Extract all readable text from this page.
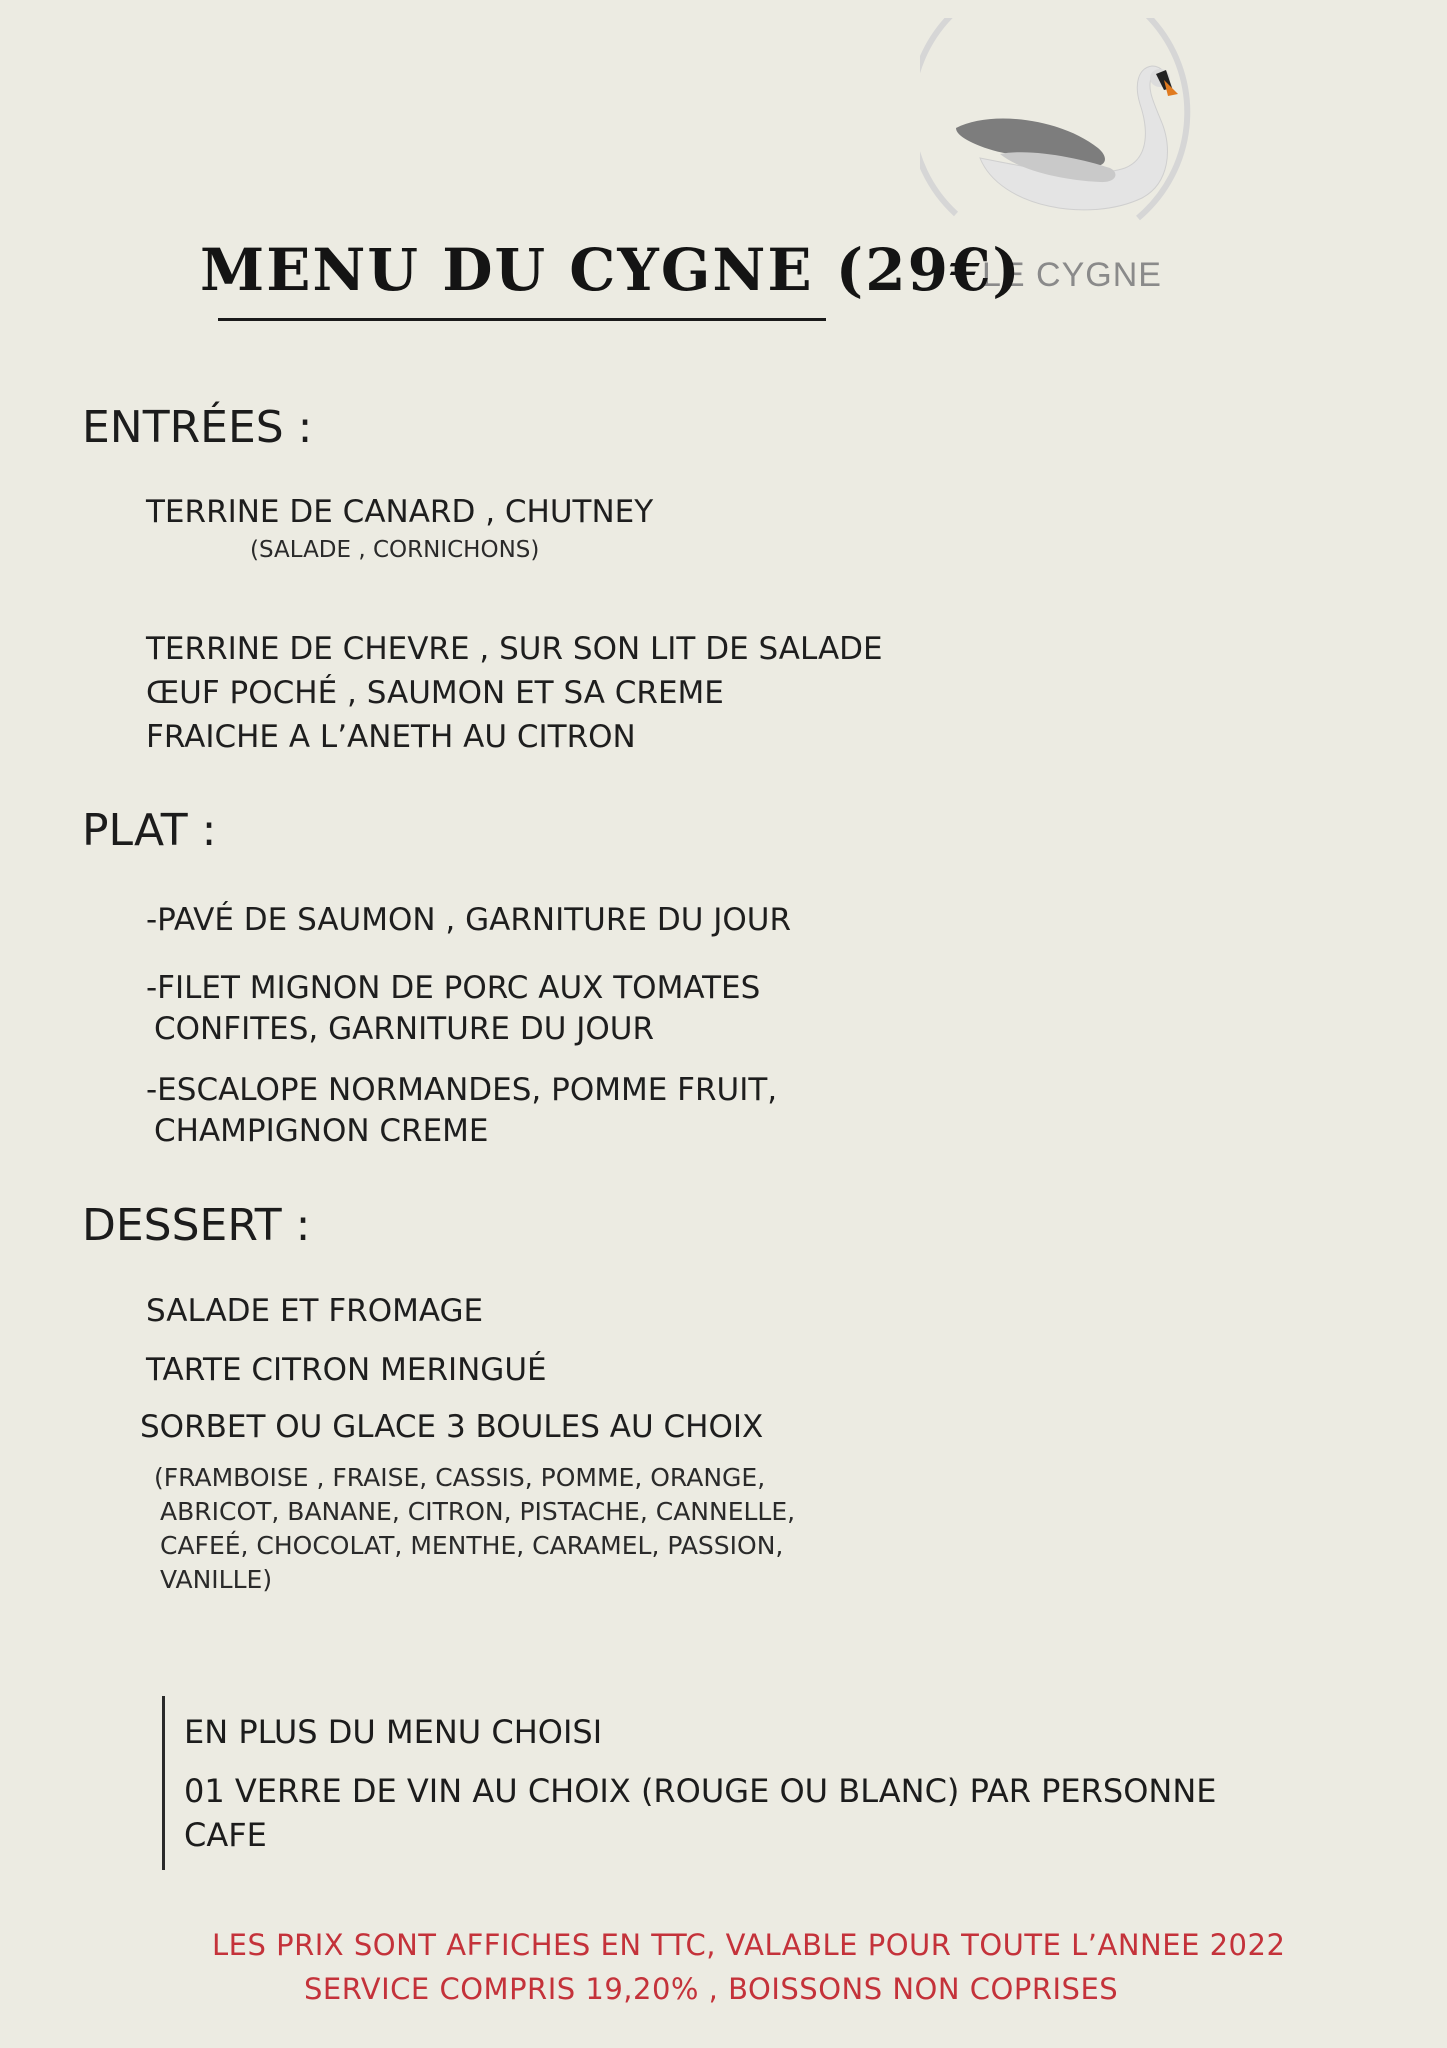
LE CYGNE
MENU DU CYGNE (29€)
ENTRÉES :
TERRINE DE CANARD , CHUTNEY
(SALADE , CORNICHONS)
TERRINE DE CHEVRE , SUR SON LIT DE SALADE
ŒUF POCHÉ , SAUMON ET SA CREME
FRAICHE A L’ANETH AU CITRON
PLAT :
-PAVÉ DE SAUMON , GARNITURE DU JOUR
-FILET MIGNON DE PORC AUX TOMATES
CONFITES, GARNITURE DU JOUR
-ESCALOPE NORMANDES, POMME FRUIT,
CHAMPIGNON CREME
DESSERT :
SALADE ET FROMAGE
TARTE CITRON MERINGUÉ
SORBET OU GLACE 3 BOULES AU CHOIX
(FRAMBOISE , FRAISE, CASSIS, POMME, ORANGE,
ABRICOT, BANANE, CITRON, PISTACHE, CANNELLE,
CAFEÉ, CHOCOLAT, MENTHE, CARAMEL, PASSION,
VANILLE)
EN PLUS DU MENU CHOISI
01 VERRE DE VIN AU CHOIX (ROUGE OU BLANC) PAR PERSONNE
CAFE
LES PRIX SONT AFFICHES EN TTC, VALABLE POUR TOUTE L’ANNEE 2022
SERVICE COMPRIS 19,20% , BOISSONS NON COPRISES
